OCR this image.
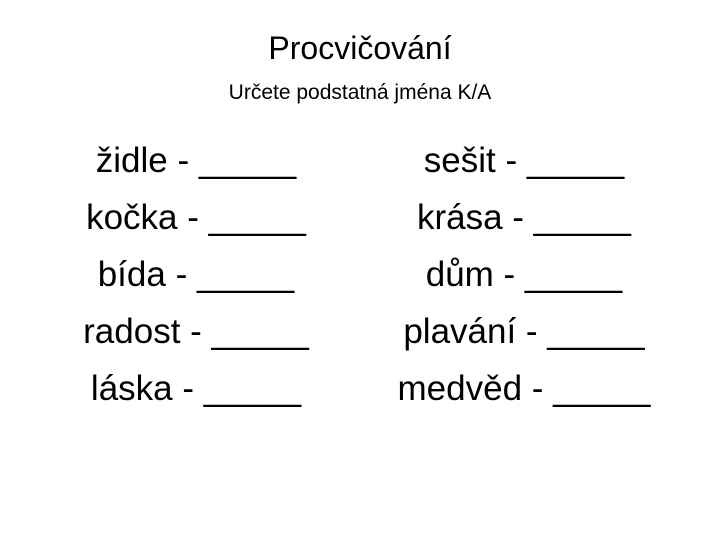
Procvičování
Určete podstatná jména K/A
židle - _____
kočka - _____
bída - _____
radost - _____
láska - _____
sešit - _____
krása - _____
dům - _____
plavání - _____
medvěd - _____
